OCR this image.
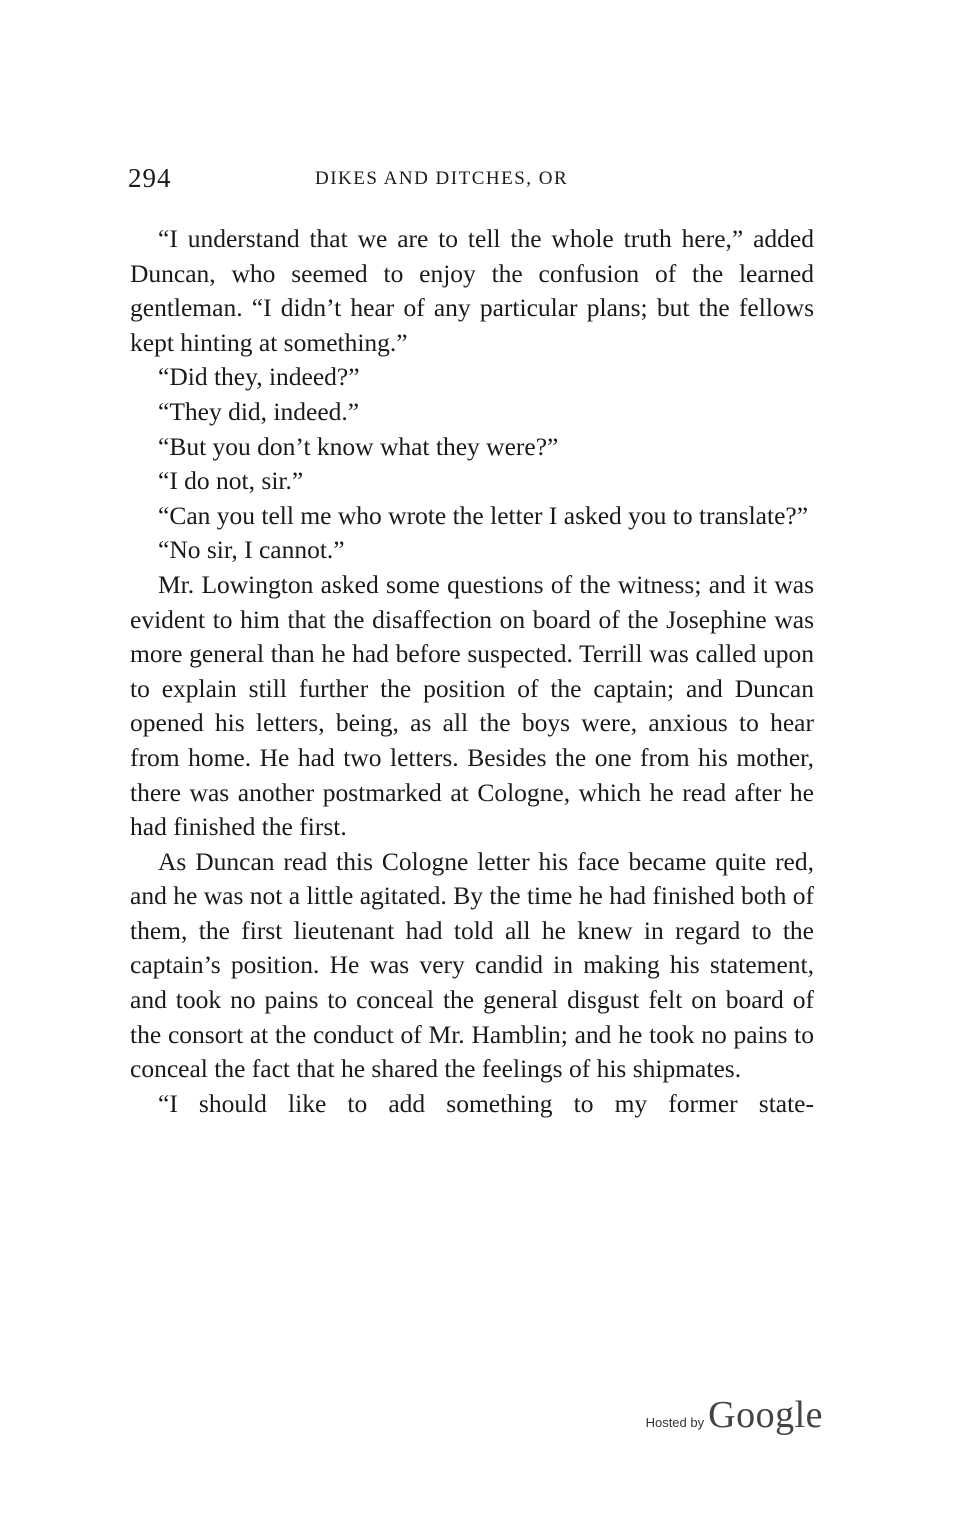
294	DIKES AND DITCHES, OR

“I understand that we are to tell the whole truth here,” added Duncan, who seemed to enjoy the confusion of the learned gentleman. “I didn’t hear of any particular plans; but the fellows kept hinting at something.”

“Did they, indeed?”

“They did, indeed.”

“But you don’t know what they were?”

“I do not, sir.”

“Can you tell me who wrote the letter I asked you to translate?”

“No sir, I cannot.”

Mr. Lowington asked some questions of the witness; and it was evident to him that the disaffection on board of the Josephine was more general than he had before suspected. Terrill was called upon to explain still further the position of the captain; and Duncan opened his letters, being, as all the boys were, anxious to hear from home. He had two letters. Besides the one from his mother, there was another postmarked at Cologne, which he read after he had finished the first.

As Duncan read this Cologne letter his face became quite red, and he was not a little agitated. By the time he had finished both of them, the first lieutenant had told all he knew in regard to the captain’s position. He was very candid in making his statement, and took no pains to conceal the general disgust felt on board of the consort at the conduct of Mr. Hamblin; and he took no pains to conceal the fact that he shared the feelings of his shipmates.

“I should like to add something to my former state-

Hosted by Google
